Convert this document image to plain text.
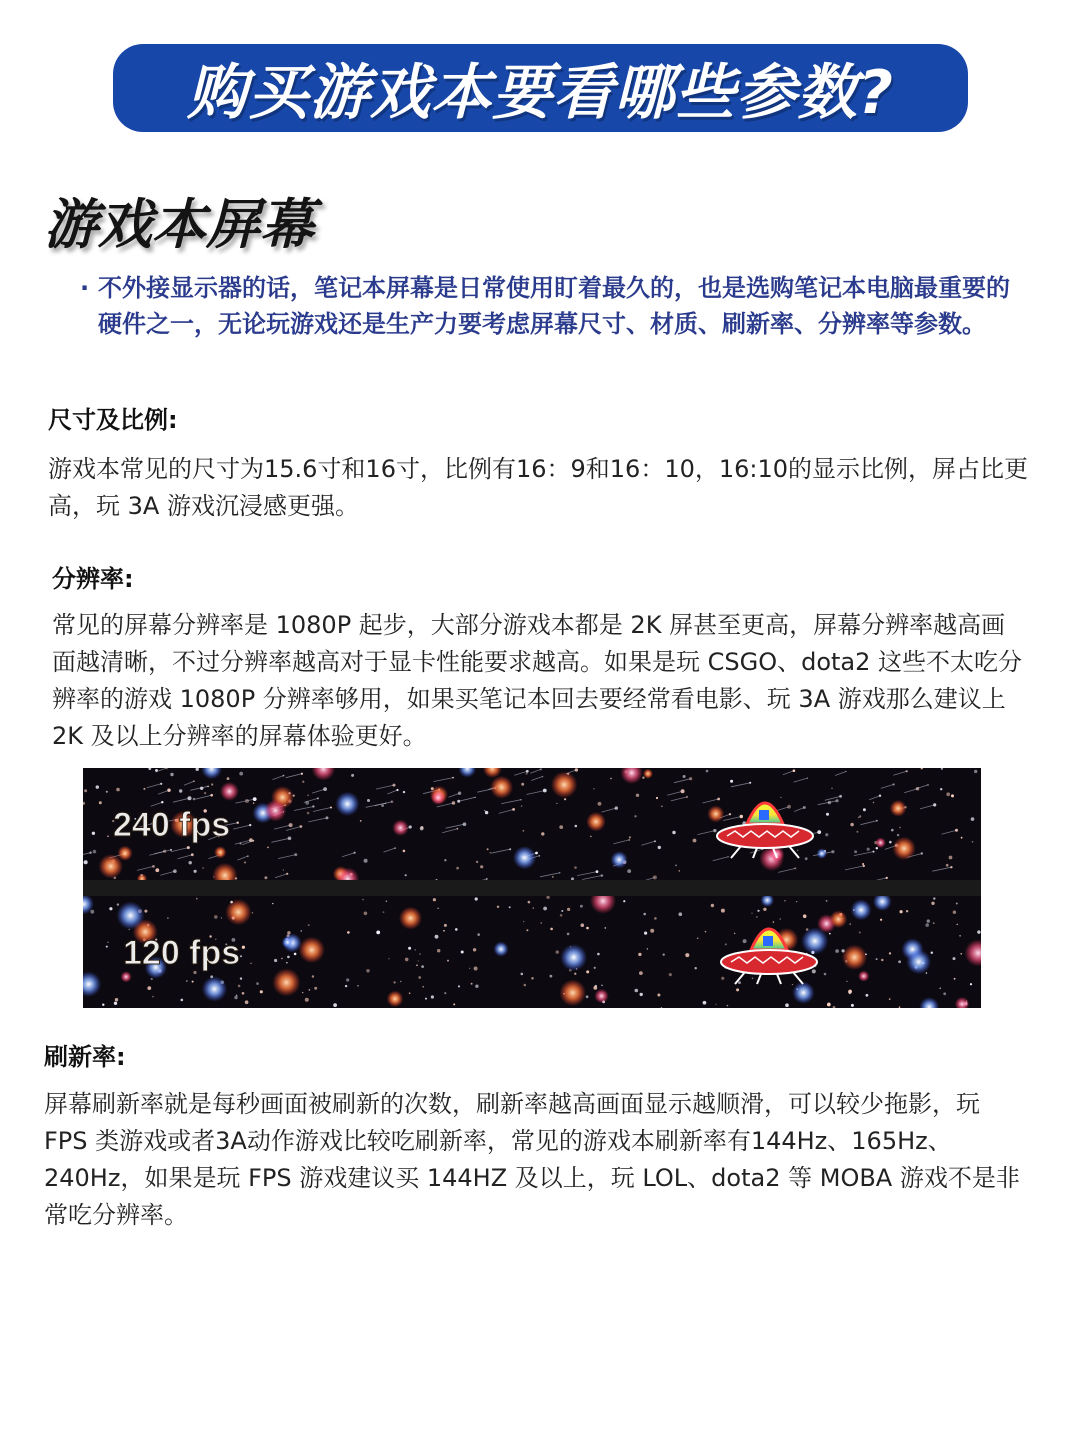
购买游戏本要看哪些参数?
游戏本屏幕
· 不外接显示器的话，笔记本屏幕是日常使用盯着最久的，也是选购笔记本电脑最重要的硬件之一，无论玩游戏还是生产力要考虑屏幕尺寸、材质、刷新率、分辨率等参数。
尺寸及比例:
游戏本常见的尺寸为15.6寸和16寸，比例有16：9和16：10，16:10的显示比例，屏占比更高，玩 3A 游戏沉浸感更强。
分辨率:
常见的屏幕分辨率是 1080P 起步，大部分游戏本都是 2K 屏甚至更高，屏幕分辨率越高画面越清晰，不过分辨率越高对于显卡性能要求越高。如果是玩 CSGO、dota2 这些不太吃分辨率的游戏 1080P 分辨率够用，如果买笔记本回去要经常看电影、玩 3A 游戏那么建议上 2K 及以上分辨率的屏幕体验更好。
240 fps
120 fps
刷新率:
屏幕刷新率就是每秒画面被刷新的次数，刷新率越高画面显示越顺滑，可以较少拖影，玩 FPS 类游戏或者3A动作游戏比较吃刷新率，常见的游戏本刷新率有144Hz、165Hz、240Hz，如果是玩 FPS 游戏建议买 144HZ 及以上，玩 LOL、dota2 等 MOBA 游戏不是非常吃分辨率。
